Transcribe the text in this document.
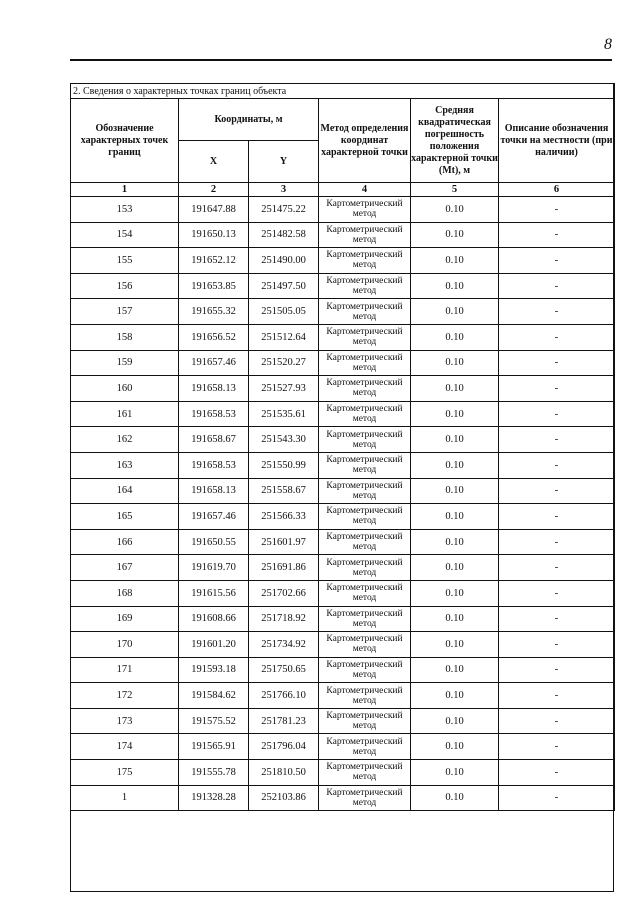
8
2. Сведения о характерных точках границ объекта					
Обозначение характерных точек границ	Координаты, м		Метод определения координат характерной точки	Средняя квадратическая погрешность положения характерной точки (Mt), м	Описание обозначения точки на местности (при наличии)
	X	Y			
1	2	3	4	5	6
153	191647.88	251475.22	Картометрический метод	0.10	-
154	191650.13	251482.58	Картометрический метод	0.10	-
155	191652.12	251490.00	Картометрический метод	0.10	-
156	191653.85	251497.50	Картометрический метод	0.10	-
157	191655.32	251505.05	Картометрический метод	0.10	-
158	191656.52	251512.64	Картометрический метод	0.10	-
159	191657.46	251520.27	Картометрический метод	0.10	-
160	191658.13	251527.93	Картометрический метод	0.10	-
161	191658.53	251535.61	Картометрический метод	0.10	-
162	191658.67	251543.30	Картометрический метод	0.10	-
163	191658.53	251550.99	Картометрический метод	0.10	-
164	191658.13	251558.67	Картометрический метод	0.10	-
165	191657.46	251566.33	Картометрический метод	0.10	-
166	191650.55	251601.97	Картометрический метод	0.10	-
167	191619.70	251691.86	Картометрический метод	0.10	-
168	191615.56	251702.66	Картометрический метод	0.10	-
169	191608.66	251718.92	Картометрический метод	0.10	-
170	191601.20	251734.92	Картометрический метод	0.10	-
171	191593.18	251750.65	Картометрический метод	0.10	-
172	191584.62	251766.10	Картометрический метод	0.10	-
173	191575.52	251781.23	Картометрический метод	0.10	-
174	191565.91	251796.04	Картометрический метод	0.10	-
175	191555.78	251810.50	Картометрический метод	0.10	-
1	191328.28	252103.86	Картометрический метод	0.10	-
